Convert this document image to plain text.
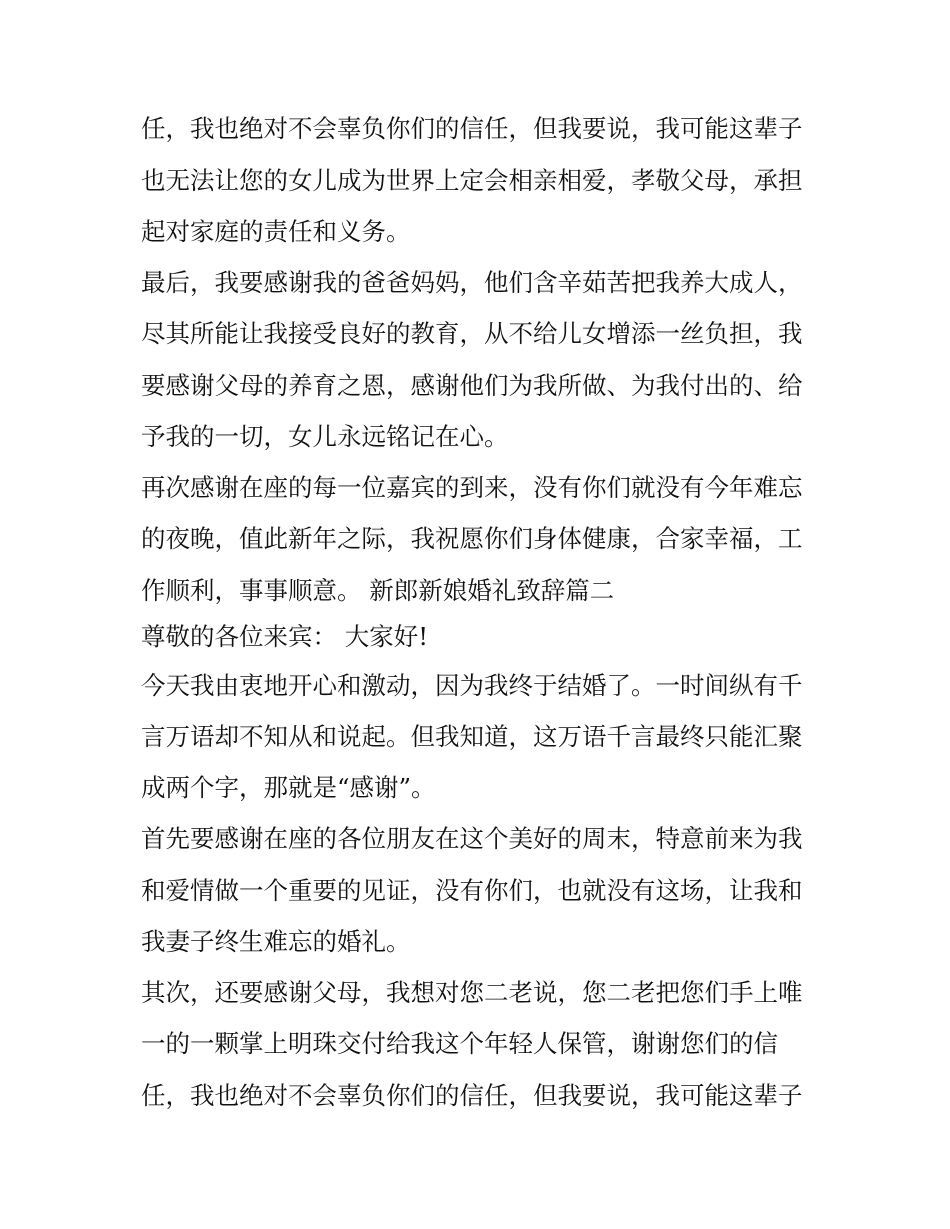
任，我也绝对不会辜负你们的信任，但我要说，我可能这辈子
也无法让您的女儿成为世界上定会相亲相爱，孝敬父母，承担
起对家庭的责任和义务。
最后，我要感谢我的爸爸妈妈，他们含辛茹苦把我养大成人，
尽其所能让我接受良好的教育，从不给儿女增添一丝负担，我
要感谢父母的养育之恩，感谢他们为我所做、为我付出的、给
予我的一切，女儿永远铭记在心。
再次感谢在座的每一位嘉宾的到来，没有你们就没有今年难忘
的夜晚，值此新年之际，我祝愿你们身体健康，合家幸福，工
作顺利，事事顺意。 新郎新娘婚礼致辞篇二
尊敬的各位来宾： 大家好!
今天我由衷地开心和激动，因为我终于结婚了。一时间纵有千
言万语却不知从和说起。但我知道，这万语千言最终只能汇聚
成两个字，那就是“感谢”。
首先要感谢在座的各位朋友在这个美好的周末，特意前来为我
和爱情做一个重要的见证，没有你们，也就没有这场，让我和
我妻子终生难忘的婚礼。
其次，还要感谢父母，我想对您二老说，您二老把您们手上唯
一的一颗掌上明珠交付给我这个年轻人保管，谢谢您们的信
任，我也绝对不会辜负你们的信任，但我要说，我可能这辈子
